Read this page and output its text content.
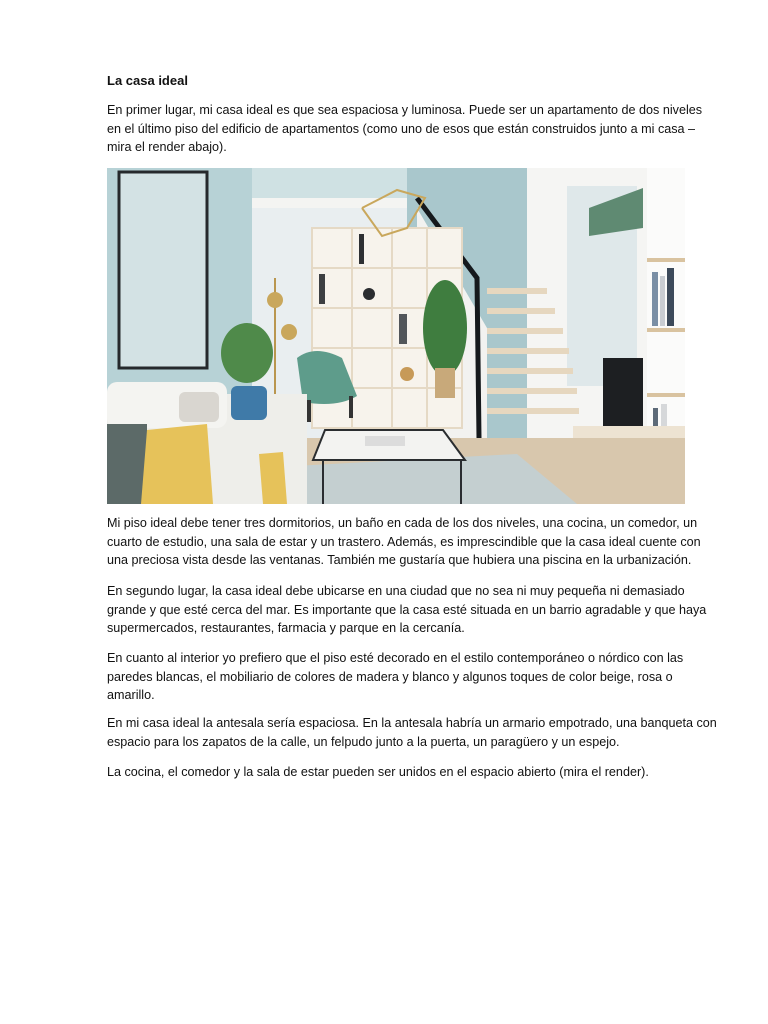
La casa ideal

En primer lugar, mi casa ideal es que sea espaciosa y luminosa. Puede ser un apartamento de dos niveles en el último piso del edificio de apartamentos (como uno de esos que están construidos junto a mi casa – mira el render abajo).

Mi piso ideal debe tener tres dormitorios, un baño en cada de los dos niveles, una cocina, un comedor, un cuarto de estudio, una sala de estar y un trastero. Además, es imprescindible que la casa ideal cuente con una preciosa vista desde las ventanas. También me gustaría que hubiera una piscina en la urbanización.

En segundo lugar, la casa ideal debe ubicarse en una ciudad que no sea ni muy pequeña ni demasiado grande y que esté cerca del mar. Es importante que la casa esté situada en un barrio agradable y que haya supermercados, restaurantes, farmacia y parque en la cercanía.

En cuanto al interior yo prefiero que el piso esté decorado en el estilo contemporáneo o nórdico con las paredes blancas, el mobiliario de colores de madera y blanco y algunos toques de color beige, rosa o amarillo.

En mi casa ideal la antesala sería espaciosa. En la antesala habría un armario empotrado, una banqueta con espacio para los zapatos de la calle, un felpudo junto a la puerta, un paragüero y un espejo.

La cocina, el comedor y la sala de estar pueden ser unidos en el espacio abierto (mira el render).
